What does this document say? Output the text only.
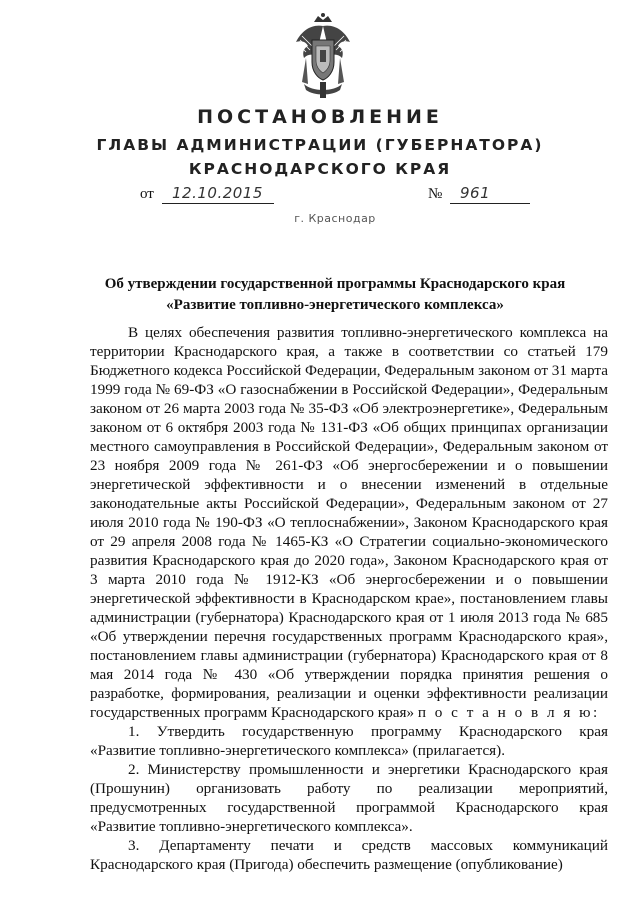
ПОСТАНОВЛЕНИЕ
ГЛАВЫ АДМИНИСТРАЦИИ (ГУБЕРНАТОРА)
КРАСНОДАРСКОГО КРАЯ
от 12.10.2015	№ 961
г. Краснодар
Об утверждении государственной программы Краснодарского края
«Развитие топливно-энергетического комплекса»

В целях обеспечения развития топливно-энергетического комплекса на территории Краснодарского края, а также в соответствии со статьей 179 Бюджетного кодекса Российской Федерации, Федеральным законом от 31 марта 1999 года № 69-ФЗ «О газоснабжении в Российской Федерации», Федеральным законом от 26 марта 2003 года № 35-ФЗ «Об электроэнергетике», Федеральным законом от 6 октября 2003 года № 131-ФЗ «Об общих принципах организации местного самоуправления в Российской Федерации», Федеральным законом от 23 ноября 2009 года № 261-ФЗ «Об энергосбережении и о повышении энергетической эффективности и о внесении изменений в отдельные законодательные акты Российской Федерации», Федеральным законом от 27 июля 2010 года № 190-ФЗ «О теплоснабжении», Законом Краснодарского края от 29 апреля 2008 года № 1465-КЗ «О Стратегии социально-экономического развития Краснодарского края до 2020 года», Законом Краснодарского края от 3 марта 2010 года № 1912-КЗ «Об энергосбережении и о повышении энергетической эффективности в Краснодарском крае», постановлением главы администрации (губернатора) Краснодарского края от 1 июля 2013 года № 685 «Об утверждении перечня государственных программ Краснодарского края», постановлением главы администрации (губернатора) Краснодарского края от 8 мая 2014 года № 430 «Об утверждении порядка принятия решения о разработке, формирования, реализации и оценки эффективности реализации государственных программ Краснодарского края» п о с т а н о в л я ю:

1. Утвердить государственную программу Краснодарского края «Развитие топливно-энергетического комплекса» (прилагается).

2. Министерству промышленности и энергетики Краснодарского края (Прошунин) организовать работу по реализации мероприятий, предусмотренных государственной программой Краснодарского края «Развитие топливно-энергетического комплекса».

3. Департаменту печати и средств массовых коммуникаций Краснодарского края (Пригода) обеспечить размещение (опубликование)
